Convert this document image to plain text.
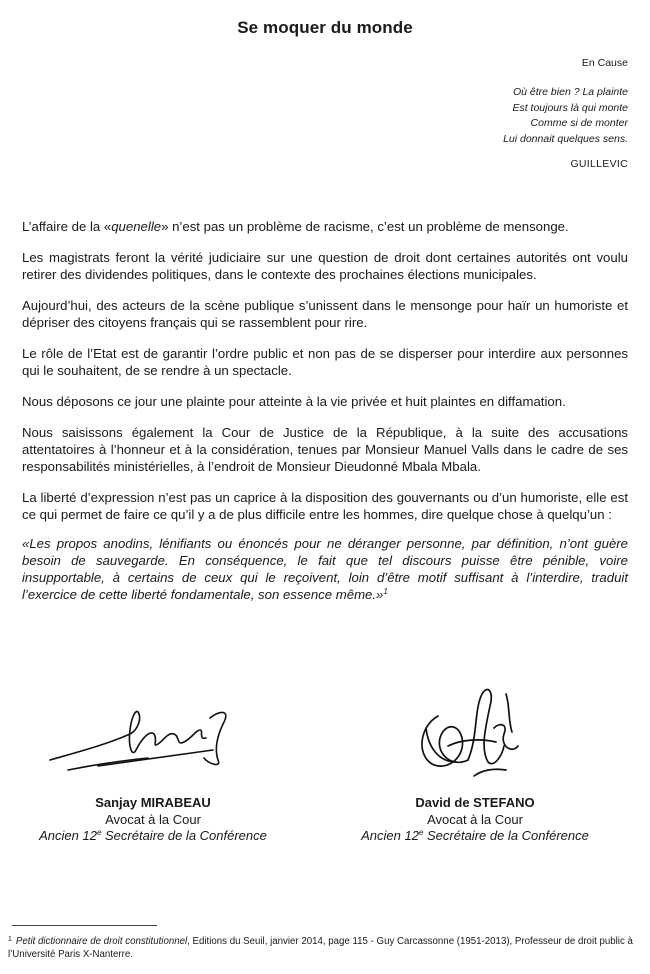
Se moquer du monde
En Cause
Où être bien ? La plainte
Est toujours là qui monte
Comme si de monter
Lui donnait quelques sens.
GUILLEVIC

L’affaire de la «quenelle» n’est pas un problème de racisme, c’est un problème de mensonge.

Les magistrats feront la vérité judiciaire sur une question de droit dont certaines autorités ont voulu retirer des dividendes politiques, dans le contexte des prochaines élections municipales.

Aujourd’hui, des acteurs de la scène publique s’unissent dans le mensonge pour haïr un humoriste et dépriser des citoyens français qui se rassemblent pour rire.

Le rôle de l’Etat est de garantir l’ordre public et non pas de se disperser pour interdire aux personnes qui le souhaitent, de se rendre à un spectacle.

Nous déposons ce jour une plainte pour atteinte à la vie privée et huit plaintes en diffamation.

Nous saisissons également la Cour de Justice de la République, à la suite des accusations attentatoires à l’honneur et à la considération, tenues par Monsieur Manuel Valls dans le cadre de ses responsabilités ministérielles, à l’endroit de Monsieur Dieudonné Mbala Mbala.

La liberté d’expression n’est pas un caprice à la disposition des gouvernants ou d’un humoriste, elle est ce qui permet de faire ce qu’il y a de plus difficile entre les hommes, dire quelque chose à quelqu’un :

«Les propos anodins, lénifiants ou énoncés pour ne déranger personne, par définition, n’ont guère besoin de sauvegarde. En conséquence, le fait que tel discours puisse être pénible, voire insupportable, à certains de ceux qui le reçoivent, loin d’être motif suffisant à l’interdire, traduit l’exercice de cette liberté fondamentale, son essence même.»$^1$

Sanjay MIRABEAU
Avocat à la Cour
Ancien 12e Secrétaire de la Conférence
David de STEFANO
Avocat à la Cour
Ancien 12e Secrétaire de la Conférence
$^1$ Petit dictionnaire de droit constitutionnel, Editions du Seuil, janvier 2014, page 115 - Guy Carcassonne (1951-2013), Professeur de droit public à l’Université Paris X-Nanterre.
